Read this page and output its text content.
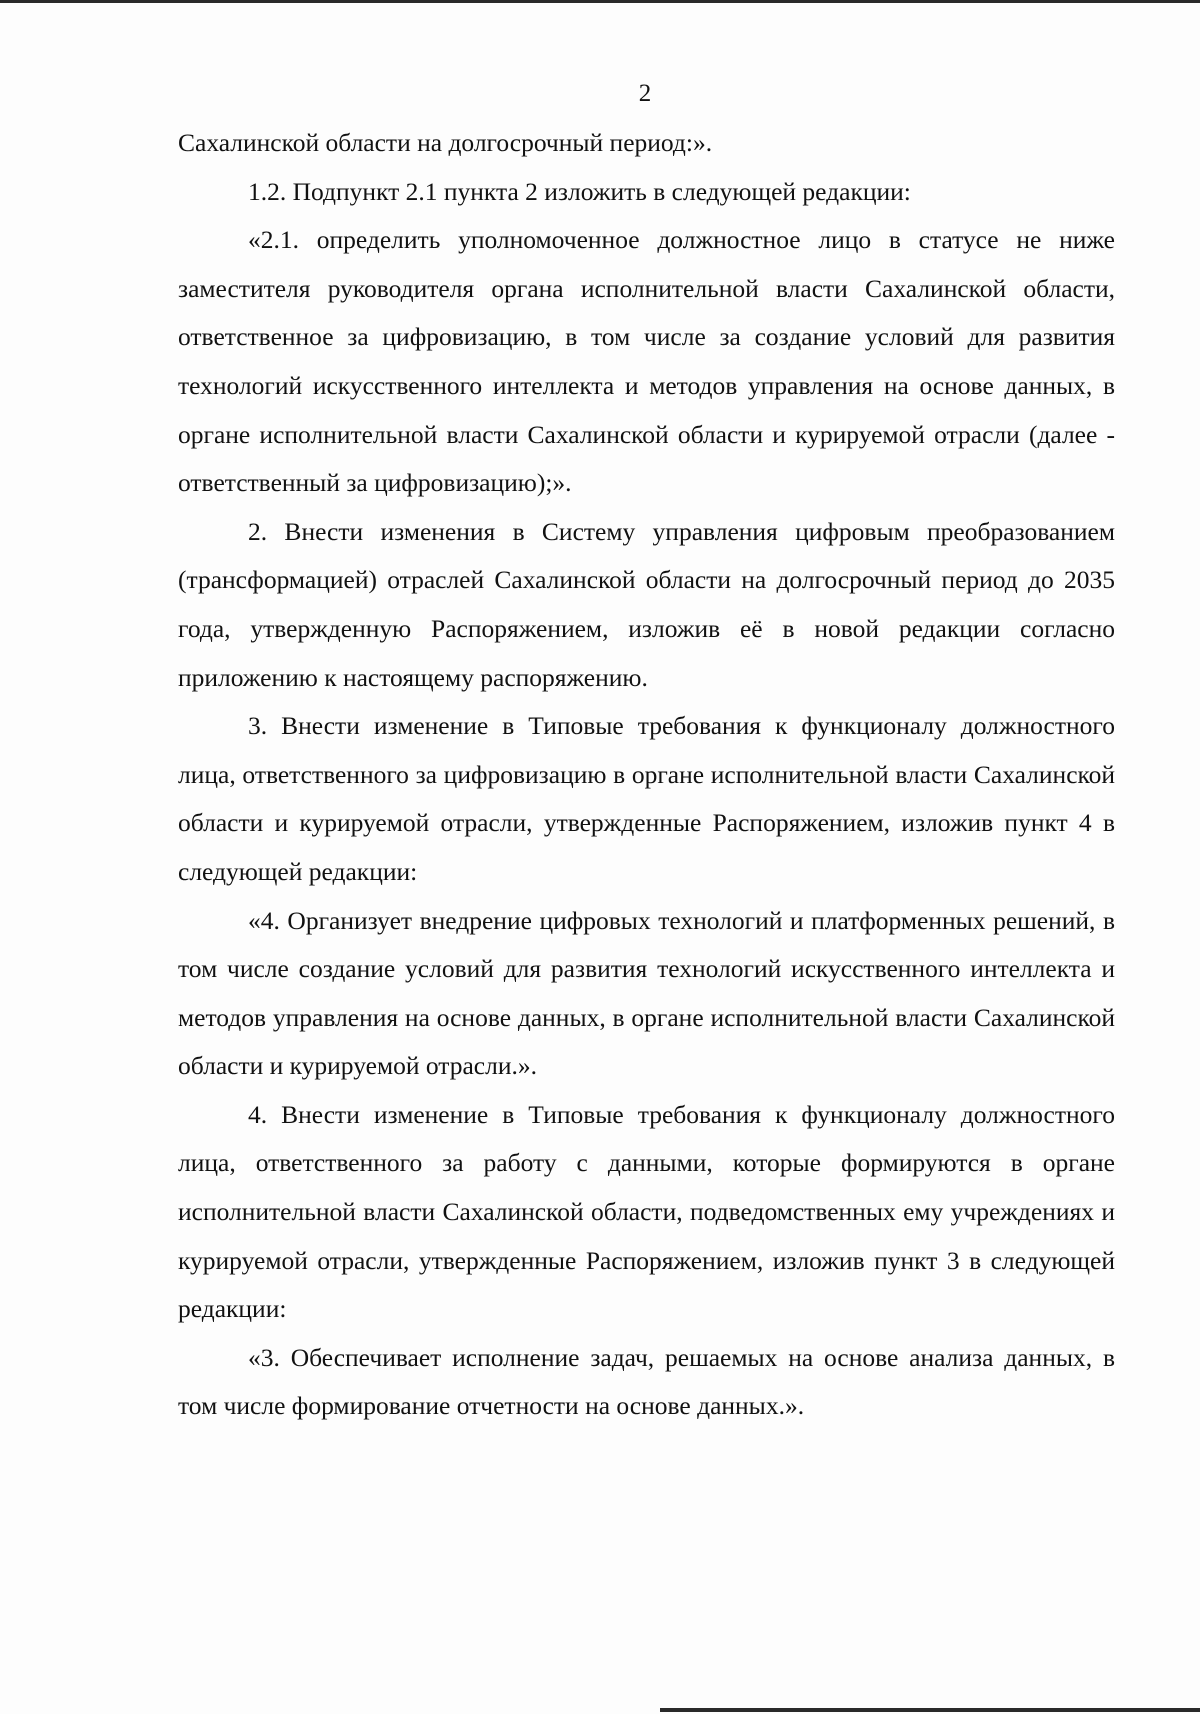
2

Сахалинской области на долгосрочный период:».

1.2. Подпункт 2.1 пункта 2 изложить в следующей редакции:

«2.1. определить уполномоченное должностное лицо в статусе не ниже заместителя руководителя органа исполнительной власти Сахалинской области, ответственное за цифровизацию, в том числе за создание условий для развития технологий искусственного интеллекта и методов управления на основе данных, в органе исполнительной власти Сахалинской области и курируемой отрасли (далее - ответственный за цифровизацию);».

2. Внести изменения в Систему управления цифровым преобразованием (трансформацией) отраслей Сахалинской области на долгосрочный период до 2035 года, утвержденную Распоряжением, изложив её в новой редакции согласно приложению к настоящему распоряжению.

3. Внести изменение в Типовые требования к функционалу должностного лица, ответственного за цифровизацию в органе исполнительной власти Сахалинской области и курируемой отрасли, утвержденные Распоряжением, изложив пункт 4 в следующей редакции:

«4. Организует внедрение цифровых технологий и платформенных решений, в том числе создание условий для развития технологий искусственного интеллекта и методов управления на основе данных, в органе исполнительной власти Сахалинской области и курируемой отрасли.».

4. Внести изменение в Типовые требования к функционалу должностного лица, ответственного за работу с данными, которые формируются в органе исполнительной власти Сахалинской области, подведомственных ему учреждениях и курируемой отрасли, утвержденные Распоряжением, изложив пункт 3 в следующей редакции:

«3. Обеспечивает исполнение задач, решаемых на основе анализа данных, в том числе формирование отчетности на основе данных.».
